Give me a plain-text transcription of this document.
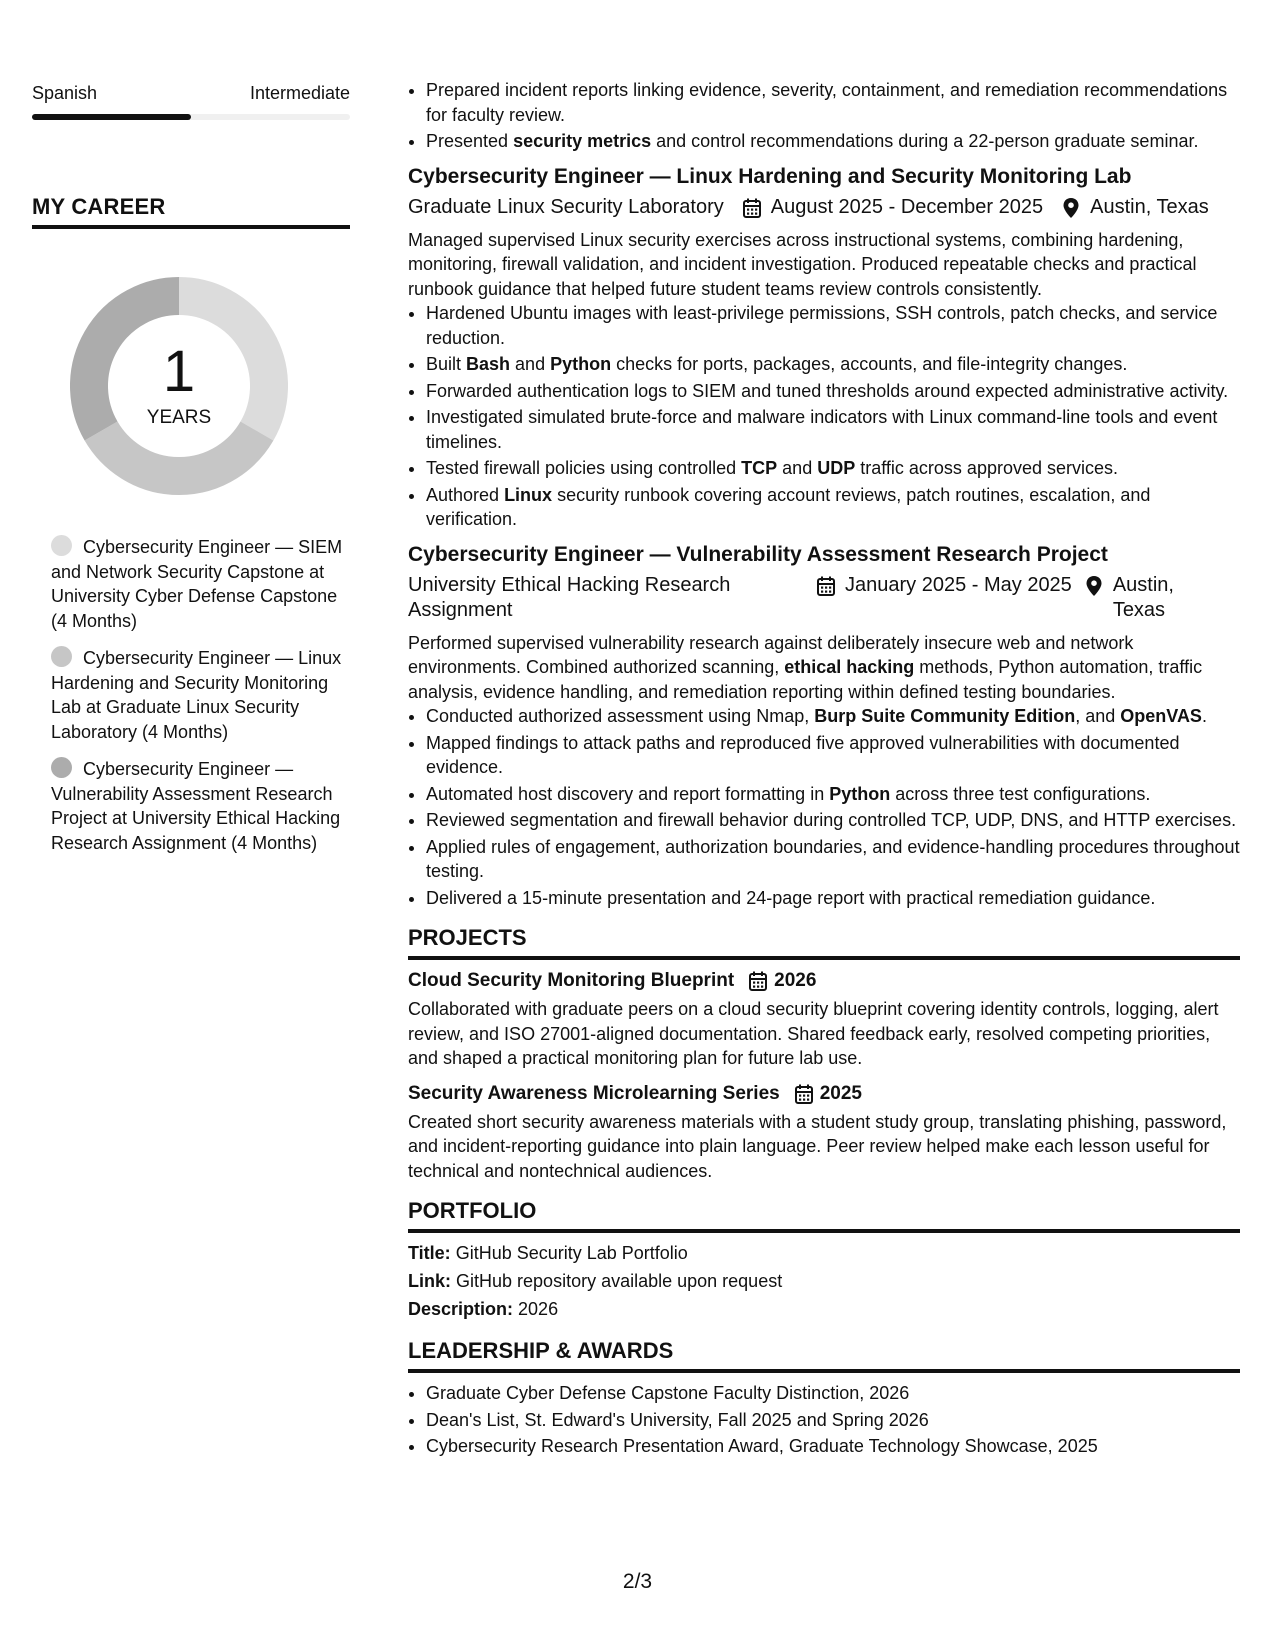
Spanish	Intermediate
MY CAREER
1
YEARS
Cybersecurity Engineer — SIEM and Network Security Capstone at University Cyber Defense Capstone (4 Months)
Cybersecurity Engineer — Linux Hardening and Security Monitoring Lab at Graduate Linux Security Laboratory (4 Months)
Cybersecurity Engineer — Vulnerability Assessment Research Project at University Ethical Hacking Research Assignment (4 Months)
• Prepared incident reports linking evidence, severity, containment, and remediation recommendations for faculty review.
• Presented security metrics and control recommendations during a 22-person graduate seminar.
Cybersecurity Engineer — Linux Hardening and Security Monitoring Lab
Graduate Linux Security Laboratory August 2025 - December 2025 Austin, Texas
Managed supervised Linux security exercises across instructional systems, combining hardening, monitoring, firewall validation, and incident investigation. Produced repeatable checks and practical runbook guidance that helped future student teams review controls consistently.
• Hardened Ubuntu images with least-privilege permissions, SSH controls, patch checks, and service reduction.
• Built Bash and Python checks for ports, packages, accounts, and file-integrity changes.
• Forwarded authentication logs to SIEM and tuned thresholds around expected administrative activity.
• Investigated simulated brute-force and malware indicators with Linux command-line tools and event timelines.
• Tested firewall policies using controlled TCP and UDP traffic across approved services.
• Authored Linux security runbook covering account reviews, patch routines, escalation, and verification.
Cybersecurity Engineer — Vulnerability Assessment Research Project
University Ethical Hacking Research Assignment
January 2025 - May 2025 Austin, Texas
Performed supervised vulnerability research against deliberately insecure web and network environments. Combined authorized scanning, ethical hacking methods, Python automation, traffic analysis, evidence handling, and remediation reporting within defined testing boundaries.
• Conducted authorized assessment using Nmap, Burp Suite Community Edition, and OpenVAS.
• Mapped findings to attack paths and reproduced five approved vulnerabilities with documented evidence.
• Automated host discovery and report formatting in Python across three test configurations.
• Reviewed segmentation and firewall behavior during controlled TCP, UDP, DNS, and HTTP exercises.
• Applied rules of engagement, authorization boundaries, and evidence-handling procedures throughout testing.
• Delivered a 15-minute presentation and 24-page report with practical remediation guidance.
PROJECTS
Cloud Security Monitoring Blueprint 2026
Collaborated with graduate peers on a cloud security blueprint covering identity controls, logging, alert review, and ISO 27001-aligned documentation. Shared feedback early, resolved competing priorities, and shaped a practical monitoring plan for future lab use.
Security Awareness Microlearning Series 2025
Created short security awareness materials with a student study group, translating phishing, password, and incident-reporting guidance into plain language. Peer review helped make each lesson useful for technical and nontechnical audiences.
PORTFOLIO
Title: GitHub Security Lab Portfolio
Link: GitHub repository available upon request
Description: 2026
LEADERSHIP & AWARDS
• Graduate Cyber Defense Capstone Faculty Distinction, 2026
• Dean's List, St. Edward's University, Fall 2025 and Spring 2026
• Cybersecurity Research Presentation Award, Graduate Technology Showcase, 2025
2/3
